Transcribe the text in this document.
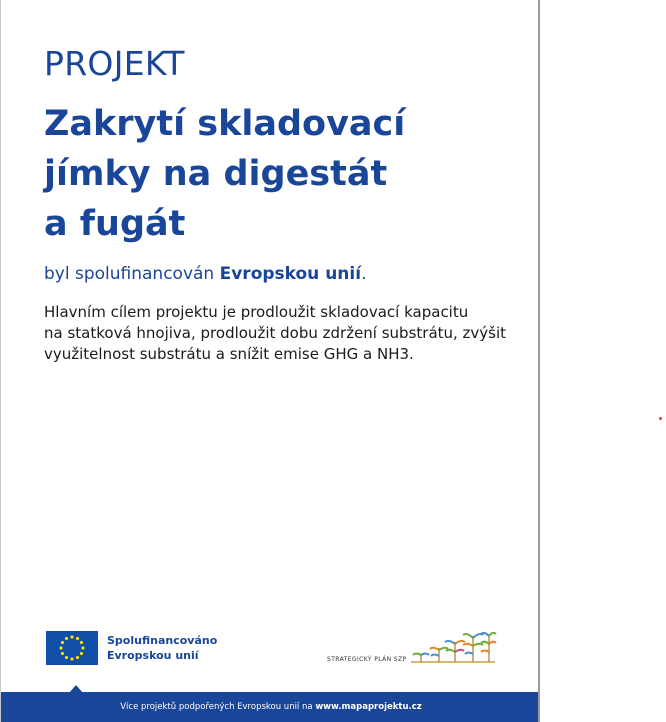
PROJEKT
Zakrytí skladovací
jímky na digestát
a fugát
byl spolufinancován Evropskou unií.
Hlavním cílem projektu je prodloužit skladovací kapacitu
na statková hnojiva, prodloužit dobu zdržení substrátu, zvýšit
využitelnost substrátu a snížit emise GHG a NH3.
Spolufinancováno
Evropskou unií	STRATEGICKÝ PLÁN SZP
Více projektů podpořených Evropskou unií na www.mapaprojektu.cz
